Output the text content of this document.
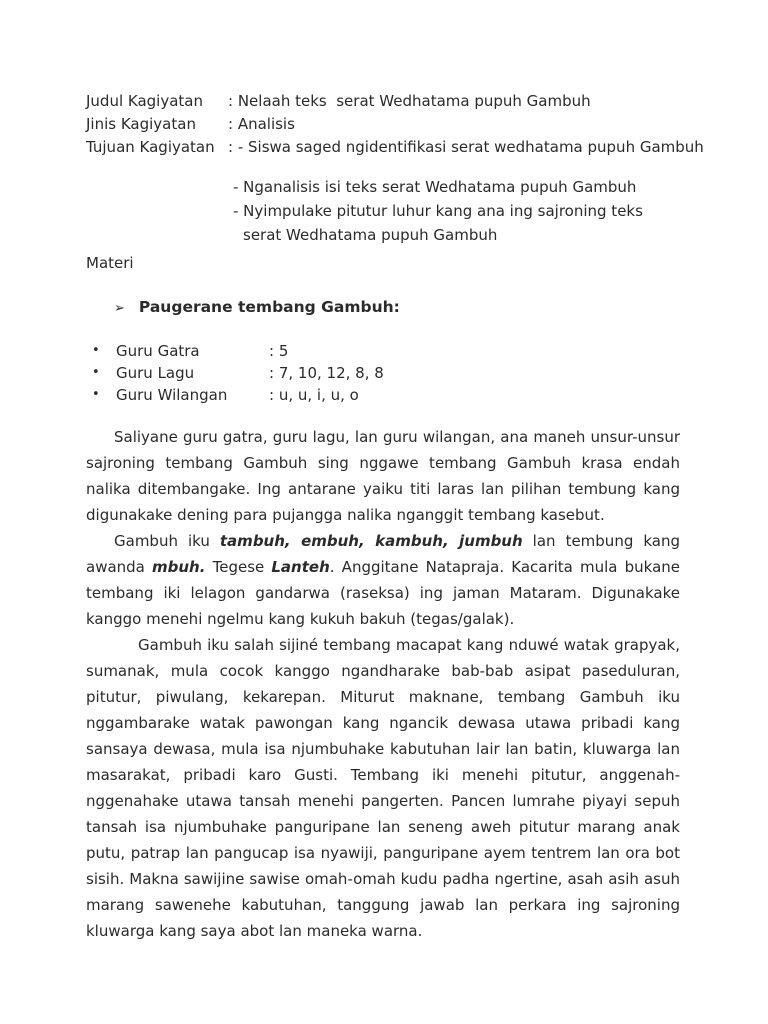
Judul Kagiyatan	: Nelaah teks  serat Wedhatama pupuh Gambuh
Jinis Kagiyatan	: Analisis
Tujuan Kagiyatan : - Siswa saged ngidentifikasi serat wedhatama pupuh Gambuh
- Nganalisis isi teks serat Wedhatama pupuh Gambuh
- Nyimpulake pitutur luhur kang ana ing sajroning teks serat Wedhatama pupuh Gambuh
Materi
➢ Paugerane tembang Gambuh:
•	Guru Gatra	: 5
•	Guru Lagu	: 7, 10, 12, 8, 8
•	Guru Wilangan	: u, u, i, u, o
Saliyane guru gatra, guru lagu, lan guru wilangan, ana maneh unsur-unsur sajroning tembang Gambuh sing nggawe tembang Gambuh krasa endah nalika ditembangake. Ing antarane yaiku titi laras lan pilihan tembung kang digunakake dening para pujangga nalika nganggit tembang kasebut.
Gambuh iku tambuh, embuh, kambuh, jumbuh lan tembung kang awanda mbuh. Tegese Lanteh. Anggitane Natapraja. Kacarita mula bukane tembang iki lelagon gandarwa (raseksa) ing jaman Mataram. Digunakake kanggo menehi ngelmu kang kukuh bakuh (tegas/galak).
Gambuh iku salah sijiné tembang macapat kang nduwé watak grapyak, sumanak, mula cocok kanggo ngandharake bab-bab asipat paseduluran, pitutur, piwulang, kekarepan. Miturut maknane, tembang Gambuh iku nggambarake watak pawongan kang ngancik dewasa utawa pribadi kang sansaya dewasa, mula isa njumbuhake kabutuhan lair lan batin, kluwarga lan masarakat, pribadi karo Gusti. Tembang iki menehi pitutur, anggenah-nggenahake utawa tansah menehi pangerten. Pancen lumrahe piyayi sepuh tansah isa njumbuhake panguripane lan seneng aweh pitutur marang anak putu, patrap lan pangucap isa nyawiji, panguripane ayem tentrem lan ora bot sisih. Makna sawijine sawise omah-omah kudu padha ngertine, asah asih asuh marang sawenehe kabutuhan, tanggung jawab lan perkara ing sajroning kluwarga kang saya abot lan maneka warna.
